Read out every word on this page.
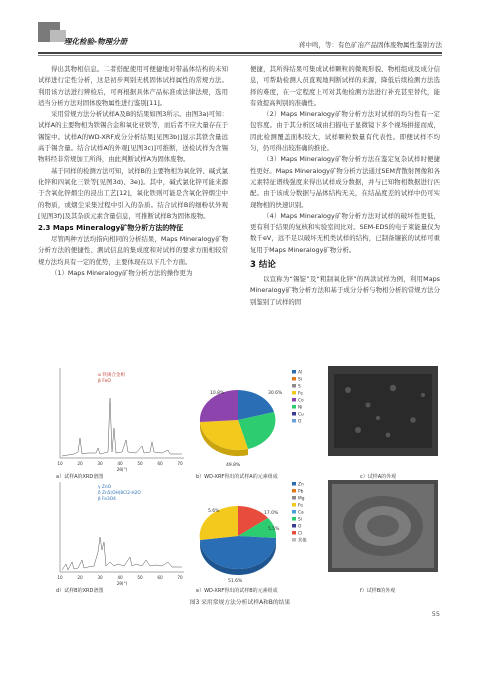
理化检验-物理分册	蒋中鸣，等：有色矿冶产品固体废物属性鉴别方法

得出其物相信息。二者搭配使用可便捷地对带晶体结构的未知试样进行定性分析，这是初步判别无机固体试样属性的常规方法。利用该方法进行辨检后，可再根据具体产品标准或法律法规，选用适当分析方法对固体废物属性进行鉴别[11]。

采用常规方法分析试样A及B的结果如图3所示。由图3a)可知：试样A的主要物相为铁锡合金和氧化亚铁等，而后者不应大量存在于锡锭中。试样A的WD-XRF成分分析结果[见图3b)]显示其铁含量远高于锡含量。结合试样A的外观[见图3c)]可推断，送检试样为含锡物料经非常规加工所得，由此判断试样A为固体废物。

基于同样的检测方法可知，试样B的主要物相为氧化锌、碱式氯化锌和四氧化三铁等[见图3d)、3e)]。其中，碱式氯化锌可能来源于含氧化锌烟尘的浸出工艺[12]，氧化铁则可能是含氧化锌烟尘中的物质，或烟尘采集过程中引入的杂质。结合试样B的细粉状外观[见图3f)]及其杂质元素含量信息，可推断试样B为固体废物。

2.3 Maps Mineralogy矿物分析方法的特征

尽管两种方法均指向相同的分析结果，Maps Mineralogy矿物分析方法的便捷性、测试信息的集成度和对试样的要求方面相较常规方法均具有一定的优势，主要体现在以下几个方面。

（1）Maps Mineralogy矿物分析方法的操作更为

便捷，其所得结果可集成试样颗粒的微观形貌、物相组成及成分信息，可帮助检测人员直观地判断试样的来源，降低后续检测方法选择的难度，在一定程度上可对其他检测方法进行补充甚至替代，能有效提高判别的准确性。

（2）Maps Mineralogy矿物分析方法对试样的均匀性有一定包容度。由于其分析区域由扫描电子显微镜下多个视场拼接而成，因此检测覆盖面积较大，试样颗粒数量有代表性。即便试样不均匀，仍可得出较准确的推论。

（3）Maps Mineralogy矿物分析方法在鉴定复杂试样时便捷性更好。Maps Mineralogy矿物分析方法通过SEM背散射图像和各元素特征谱线强度来得出试样成分数据，并与已知物相数据进行匹配。由于该成分数据与晶体结构无关，在结晶度差的试样中仍可实现物相的快速识别。

（4）Maps Mineralogy矿物分析方法对试样的破坏性更低，更有利于结果的复核和实验室间比对。SEM-EDS的电子束能量仅为数千eV，远不足以破坏无机类试样的结构，已制备镶嵌的试样可重复用于Maps Mineralogy矿物分析。

3 结论

以宣称为“锡锭”及“粗制氧化锌”的两款试样为例，利用Maps Mineralogy矿物分析方法和基于成分分析与物相分析的常规方法分别鉴别了试样的固

α 铁锡合金相
β FeO
10	20	30	40	50	60	70
2θ(°)
10.8%	30.6%
49.8%
Al
Si
S
Fe
Co
Ni
Cu
O
γ ZnO
δ Zn5(OH)8Cl2·H2O
β Fe3O4
10	20	30	40	50	60	70
2θ(°)
5.6%	17.0%
5.5%
51.6%
Zn
Pb
Mg
Fe
Ca
Si
O
Cl
其他
a）试样A的XRD谱图	b）WD-XRF得出的试样A的元素组成	c）试样A的外观
d）试样B的XRD谱图	e）WD-XRF得出的试样B的元素组成	f）试样B的外观
图3 采用常规方法分析试样A和B的结果
55
